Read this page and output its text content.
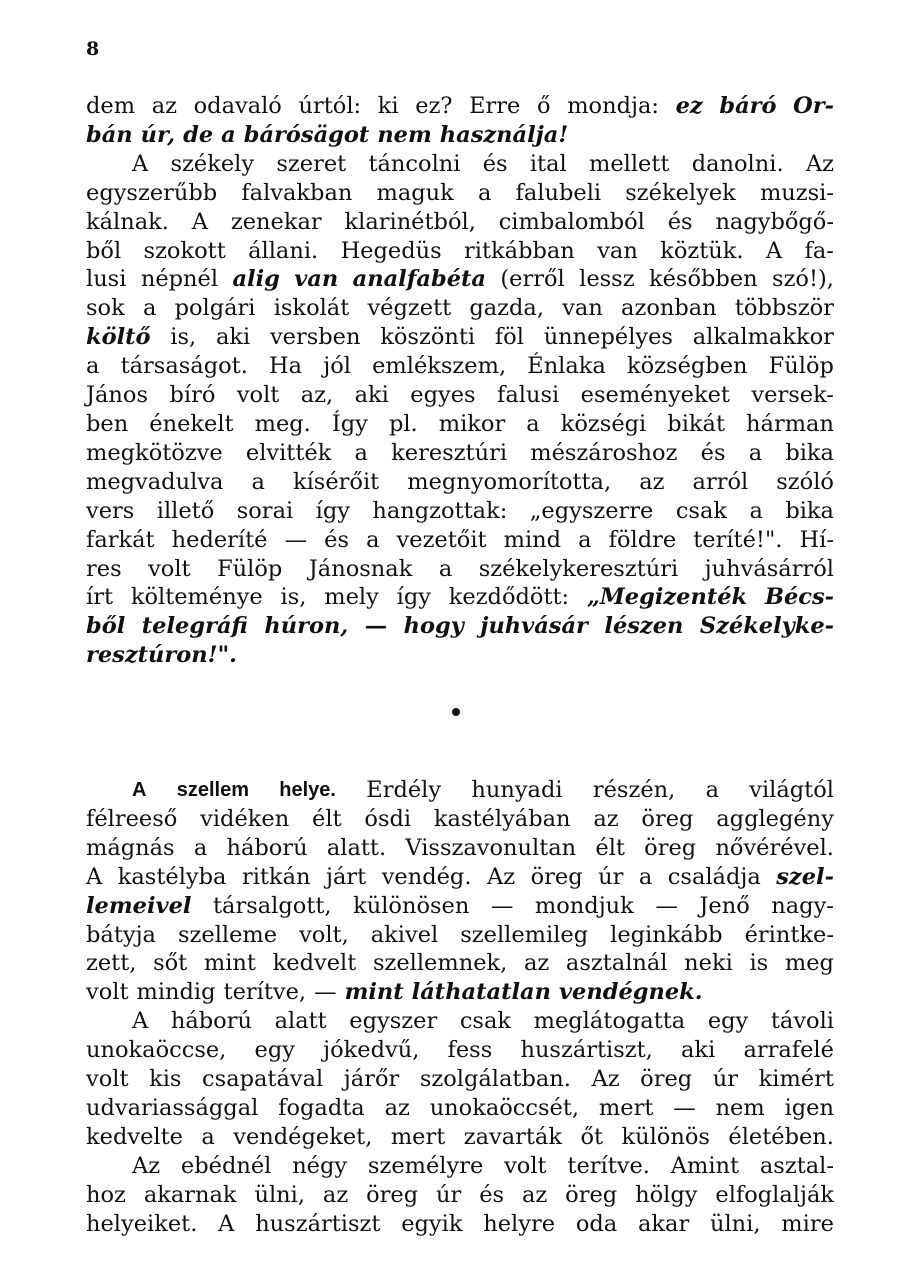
8
dem az odavaló úrtól: ki ez? Erre ő mondja: ez báró Or-
bán úr, de a bárósägot nem használja!
A székely szeret táncolni és ital mellett danolni. Az
egyszerűbb falvakban maguk a falubeli székelyek muzsi-
kálnak. A zenekar klarinétból, cimbalomból és nagybőgő-
ből szokott állani. Hegedüs ritkábban van köztük. A fa-
lusi népnél alig van analfabéta (erről lessz későbben szó!),
sok a polgári iskolát végzett gazda, van azonban többször
költő is, aki versben köszönti föl ünnepélyes alkalmakkor
a társaságot. Ha jól emlékszem, Énlaka községben Fülöp
János bíró volt az, aki egyes falusi eseményeket versek-
ben énekelt meg. Így pl. mikor a községi bikát hárman
megkötözve elvitték a keresztúri mészároshoz és a bika
megvadulva a kísérőit megnyomorította, az arról szóló
vers illető sorai így hangzottak: „egyszerre csak a bika
farkát hederíté — és a vezetőit mind a földre teríté!". Hí-
res volt Fülöp Jánosnak a székelykeresztúri juhvásárról
írt költeménye is, mely így kezdődött: „Megizenték Bécs-
ből telegráfi húron, — hogy juhvásár lészen Székelyke-
resztúron!".
A szellem helye. Erdély hunyadi részén, a világtól
félreeső vidéken élt ósdi kastélyában az öreg agglegény
mágnás a háború alatt. Visszavonultan élt öreg nővérével.
A kastélyba ritkán járt vendég. Az öreg úr a családja szel-
lemeivel társalgott, különösen — mondjuk — Jenő nagy-
bátyja szelleme volt, akivel szellemileg leginkább érintke-
zett, sőt mint kedvelt szellemnek, az asztalnál neki is meg
volt mindig terítve, — mint láthatatlan vendégnek.
A háború alatt egyszer csak meglátogatta egy távoli
unokaöccse, egy jókedvű, fess huszártiszt, aki arrafelé
volt kis csapatával járőr szolgálatban. Az öreg úr kimért
udvariassággal fogadta az unokaöccsét, mert — nem igen
kedvelte a vendégeket, mert zavarták őt különös életében.
Az ebédnél négy személyre volt terítve. Amint asztal-
hoz akarnak ülni, az öreg úr és az öreg hölgy elfoglalják
helyeiket. A huszártiszt egyik helyre oda akar ülni, mire
